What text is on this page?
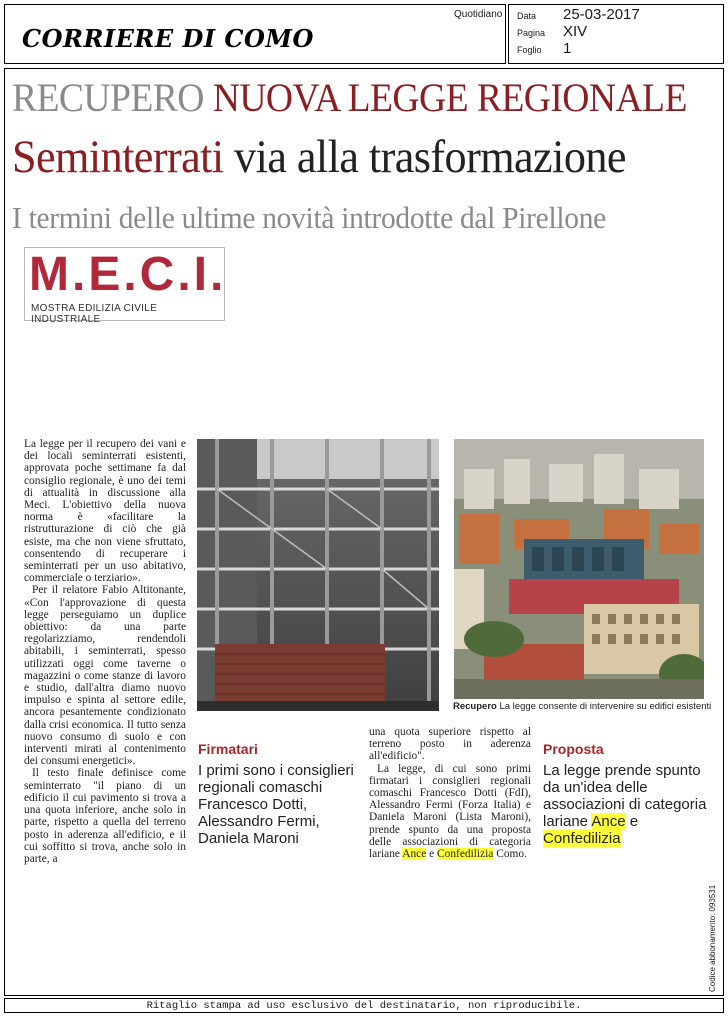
CORRIERE DI COMO
Quotidiano Data 25-03-2017
Pagina XIV
Foglio 1
RECUPERO NUOVA LEGGE REGIONALE
Seminterrati via alla trasformazione
I termini delle ultime novità introdotte dal Pirellone
M.E.C.I.
MOSTRA EDILIZIA CIVILE INDUSTRIALE

La legge per il recupero dei vani e dei locali seminterrati esistenti, approvata poche settimane fa dal consiglio regionale, è uno dei temi di attualità in discussione alla Meci. L'obiettivo della nuova norma è «facilitare la ristrutturazione di ciò che già esiste, ma che non viene sfruttato, consentendo di recuperare i seminterrati per un uso abitativo, commerciale o terziario».

Per il relatore Fabio Altitonante, «Con l'approvazione di questa legge perseguiamo un duplice obiettivo: da una parte regolarizziamo, rendendoli abitabili, i seminterrati, spesso utilizzati oggi come taverne o magazzini o come stanze di lavoro e studio, dall'altra diamo nuovo impulso e spinta al settore edile, ancora pesantemente condizionato dalla crisi economica. Il tutto senza nuovo consumo di suolo e con interventi mirati al contenimento dei consumi energetici».

Il testo finale definisce come seminterrato "il piano di un edificio il cui pavimento si trova a una quota inferiore, anche solo in parte, rispetto a quella del terreno posto in aderenza all'edificio, e il cui soffitto si trova, anche solo in parte, a

Recupero La legge consente di intervenire su edifici esistenti
Firmatari
I primi sono i consiglieri regionali comaschi Francesco Dotti, Alessandro Fermi, Daniela Maroni

una quota superiore rispetto al terreno posto in aderenza all'edificio".

La legge, di cui sono primi firmatari i consiglieri regionali comaschi Francesco Dotti (FdI), Alessandro Fermi (Forza Italia) e Daniela Maroni (Lista Maroni), prende spunto da una proposta delle associazioni di categoria lariane Ance e Confedilizia Como.

Proposta
La legge prende spunto da un'idea delle associazioni di categoria lariane Ance e Confedilizia
Codice abbonamento: 093531
Ritaglio stampa ad uso esclusivo del destinatario, non riproducibile.
